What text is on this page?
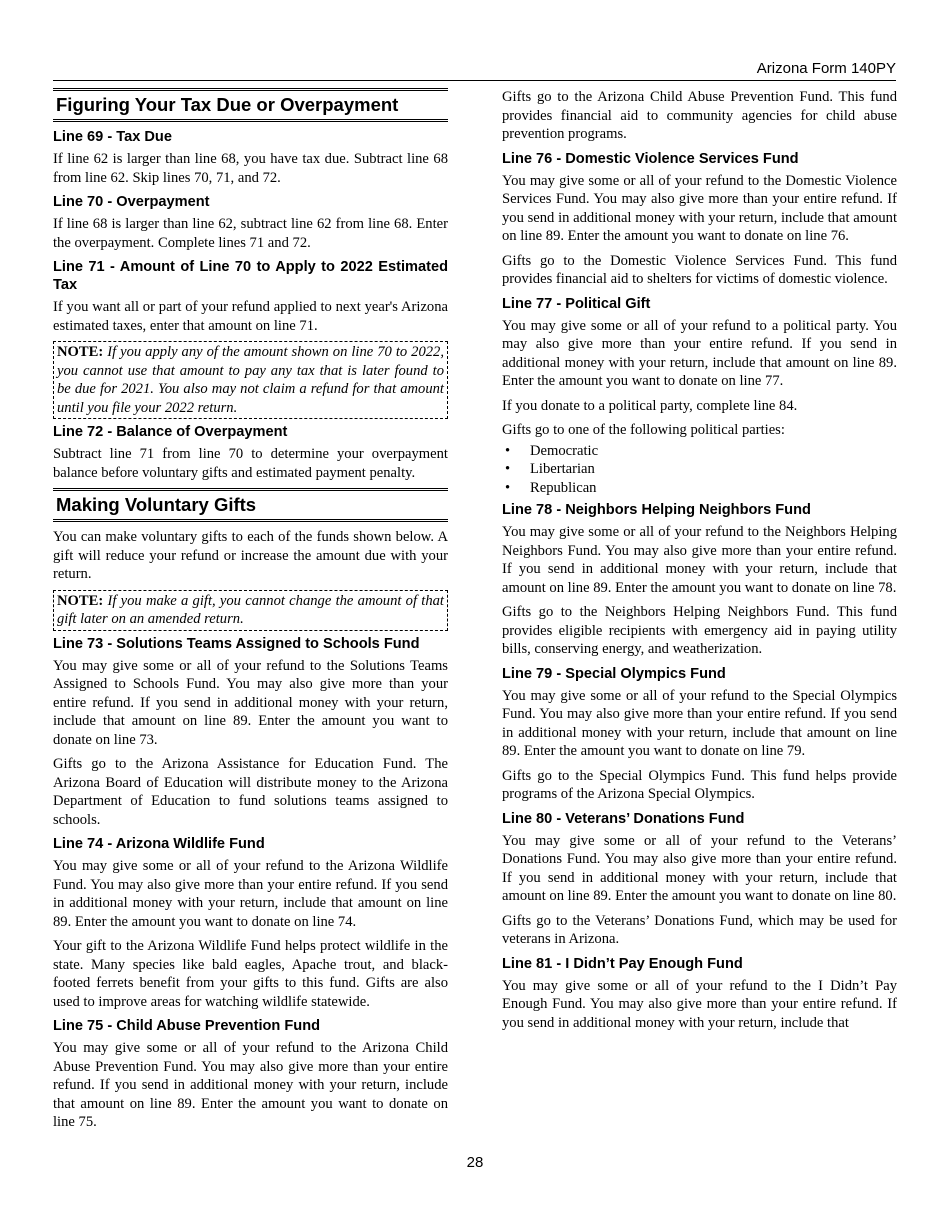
Arizona Form 140PY
Figuring Your Tax Due or Overpayment
Line 69 - Tax Due

If line 62 is larger than line 68, you have tax due. Subtract line 68 from line 62. Skip lines 70, 71, and 72.

Line 70 - Overpayment

If line 68 is larger than line 62, subtract line 62 from line 68. Enter the overpayment. Complete lines 71 and 72.

Line 71 - Amount of Line 70 to Apply to 2022 Estimated Tax

If you want all or part of your refund applied to next year's Arizona estimated taxes, enter that amount on line 71.

NOTE: If you apply any of the amount shown on line 70 to 2022, you cannot use that amount to pay any tax that is later found to be due for 2021. You also may not claim a refund for that amount until you file your 2022 return.
Line 72 - Balance of Overpayment

Subtract line 71 from line 70 to determine your overpayment balance before voluntary gifts and estimated payment penalty.

Making Voluntary Gifts

You can make voluntary gifts to each of the funds shown below. A gift will reduce your refund or increase the amount due with your return.

NOTE: If you make a gift, you cannot change the amount of that gift later on an amended return.
Line 73 - Solutions Teams Assigned to Schools Fund

You may give some or all of your refund to the Solutions Teams Assigned to Schools Fund. You may also give more than your entire refund. If you send in additional money with your return, include that amount on line 89. Enter the amount you want to donate on line 73.

Gifts go to the Arizona Assistance for Education Fund. The Arizona Board of Education will distribute money to the Arizona Department of Education to fund solutions teams assigned to schools.

Line 74 - Arizona Wildlife Fund

You may give some or all of your refund to the Arizona Wildlife Fund. You may also give more than your entire refund. If you send in additional money with your return, include that amount on line 89. Enter the amount you want to donate on line 74.

Your gift to the Arizona Wildlife Fund helps protect wildlife in the state. Many species like bald eagles, Apache trout, and black-footed ferrets benefit from your gifts to this fund. Gifts are also used to improve areas for watching wildlife statewide.

Line 75 - Child Abuse Prevention Fund

You may give some or all of your refund to the Arizona Child Abuse Prevention Fund. You may also give more than your entire refund. If you send in additional money with your return, include that amount on line 89. Enter the amount you want to donate on line 75.

Gifts go to the Arizona Child Abuse Prevention Fund. This fund provides financial aid to community agencies for child abuse prevention programs.

Line 76 - Domestic Violence Services Fund

You may give some or all of your refund to the Domestic Violence Services Fund. You may also give more than your entire refund. If you send in additional money with your return, include that amount on line 89. Enter the amount you want to donate on line 76.

Gifts go to the Domestic Violence Services Fund. This fund provides financial aid to shelters for victims of domestic violence.

Line 77 - Political Gift

You may give some or all of your refund to a political party. You may also give more than your entire refund. If you send in additional money with your return, include that amount on line 89. Enter the amount you want to donate on line 77.

If you donate to a political party, complete line 84.

Gifts go to one of the following political parties:

• Democratic
• Libertarian
• Republican
Line 78 - Neighbors Helping Neighbors Fund

You may give some or all of your refund to the Neighbors Helping Neighbors Fund. You may also give more than your entire refund. If you send in additional money with your return, include that amount on line 89. Enter the amount you want to donate on line 78.

Gifts go to the Neighbors Helping Neighbors Fund. This fund provides eligible recipients with emergency aid in paying utility bills, conserving energy, and weatherization.

Line 79 - Special Olympics Fund

You may give some or all of your refund to the Special Olympics Fund. You may also give more than your entire refund. If you send in additional money with your return, include that amount on line 89. Enter the amount you want to donate on line 79.

Gifts go to the Special Olympics Fund. This fund helps provide programs of the Arizona Special Olympics.

Line 80 - Veterans’ Donations Fund

You may give some or all of your refund to the Veterans’ Donations Fund. You may also give more than your entire refund. If you send in additional money with your return, include that amount on line 89. Enter the amount you want to donate on line 80.

Gifts go to the Veterans’ Donations Fund, which may be used for veterans in Arizona.

Line 81 - I Didn’t Pay Enough Fund

You may give some or all of your refund to the I Didn’t Pay Enough Fund. You may also give more than your entire refund. If you send in additional money with your return, include that

28
